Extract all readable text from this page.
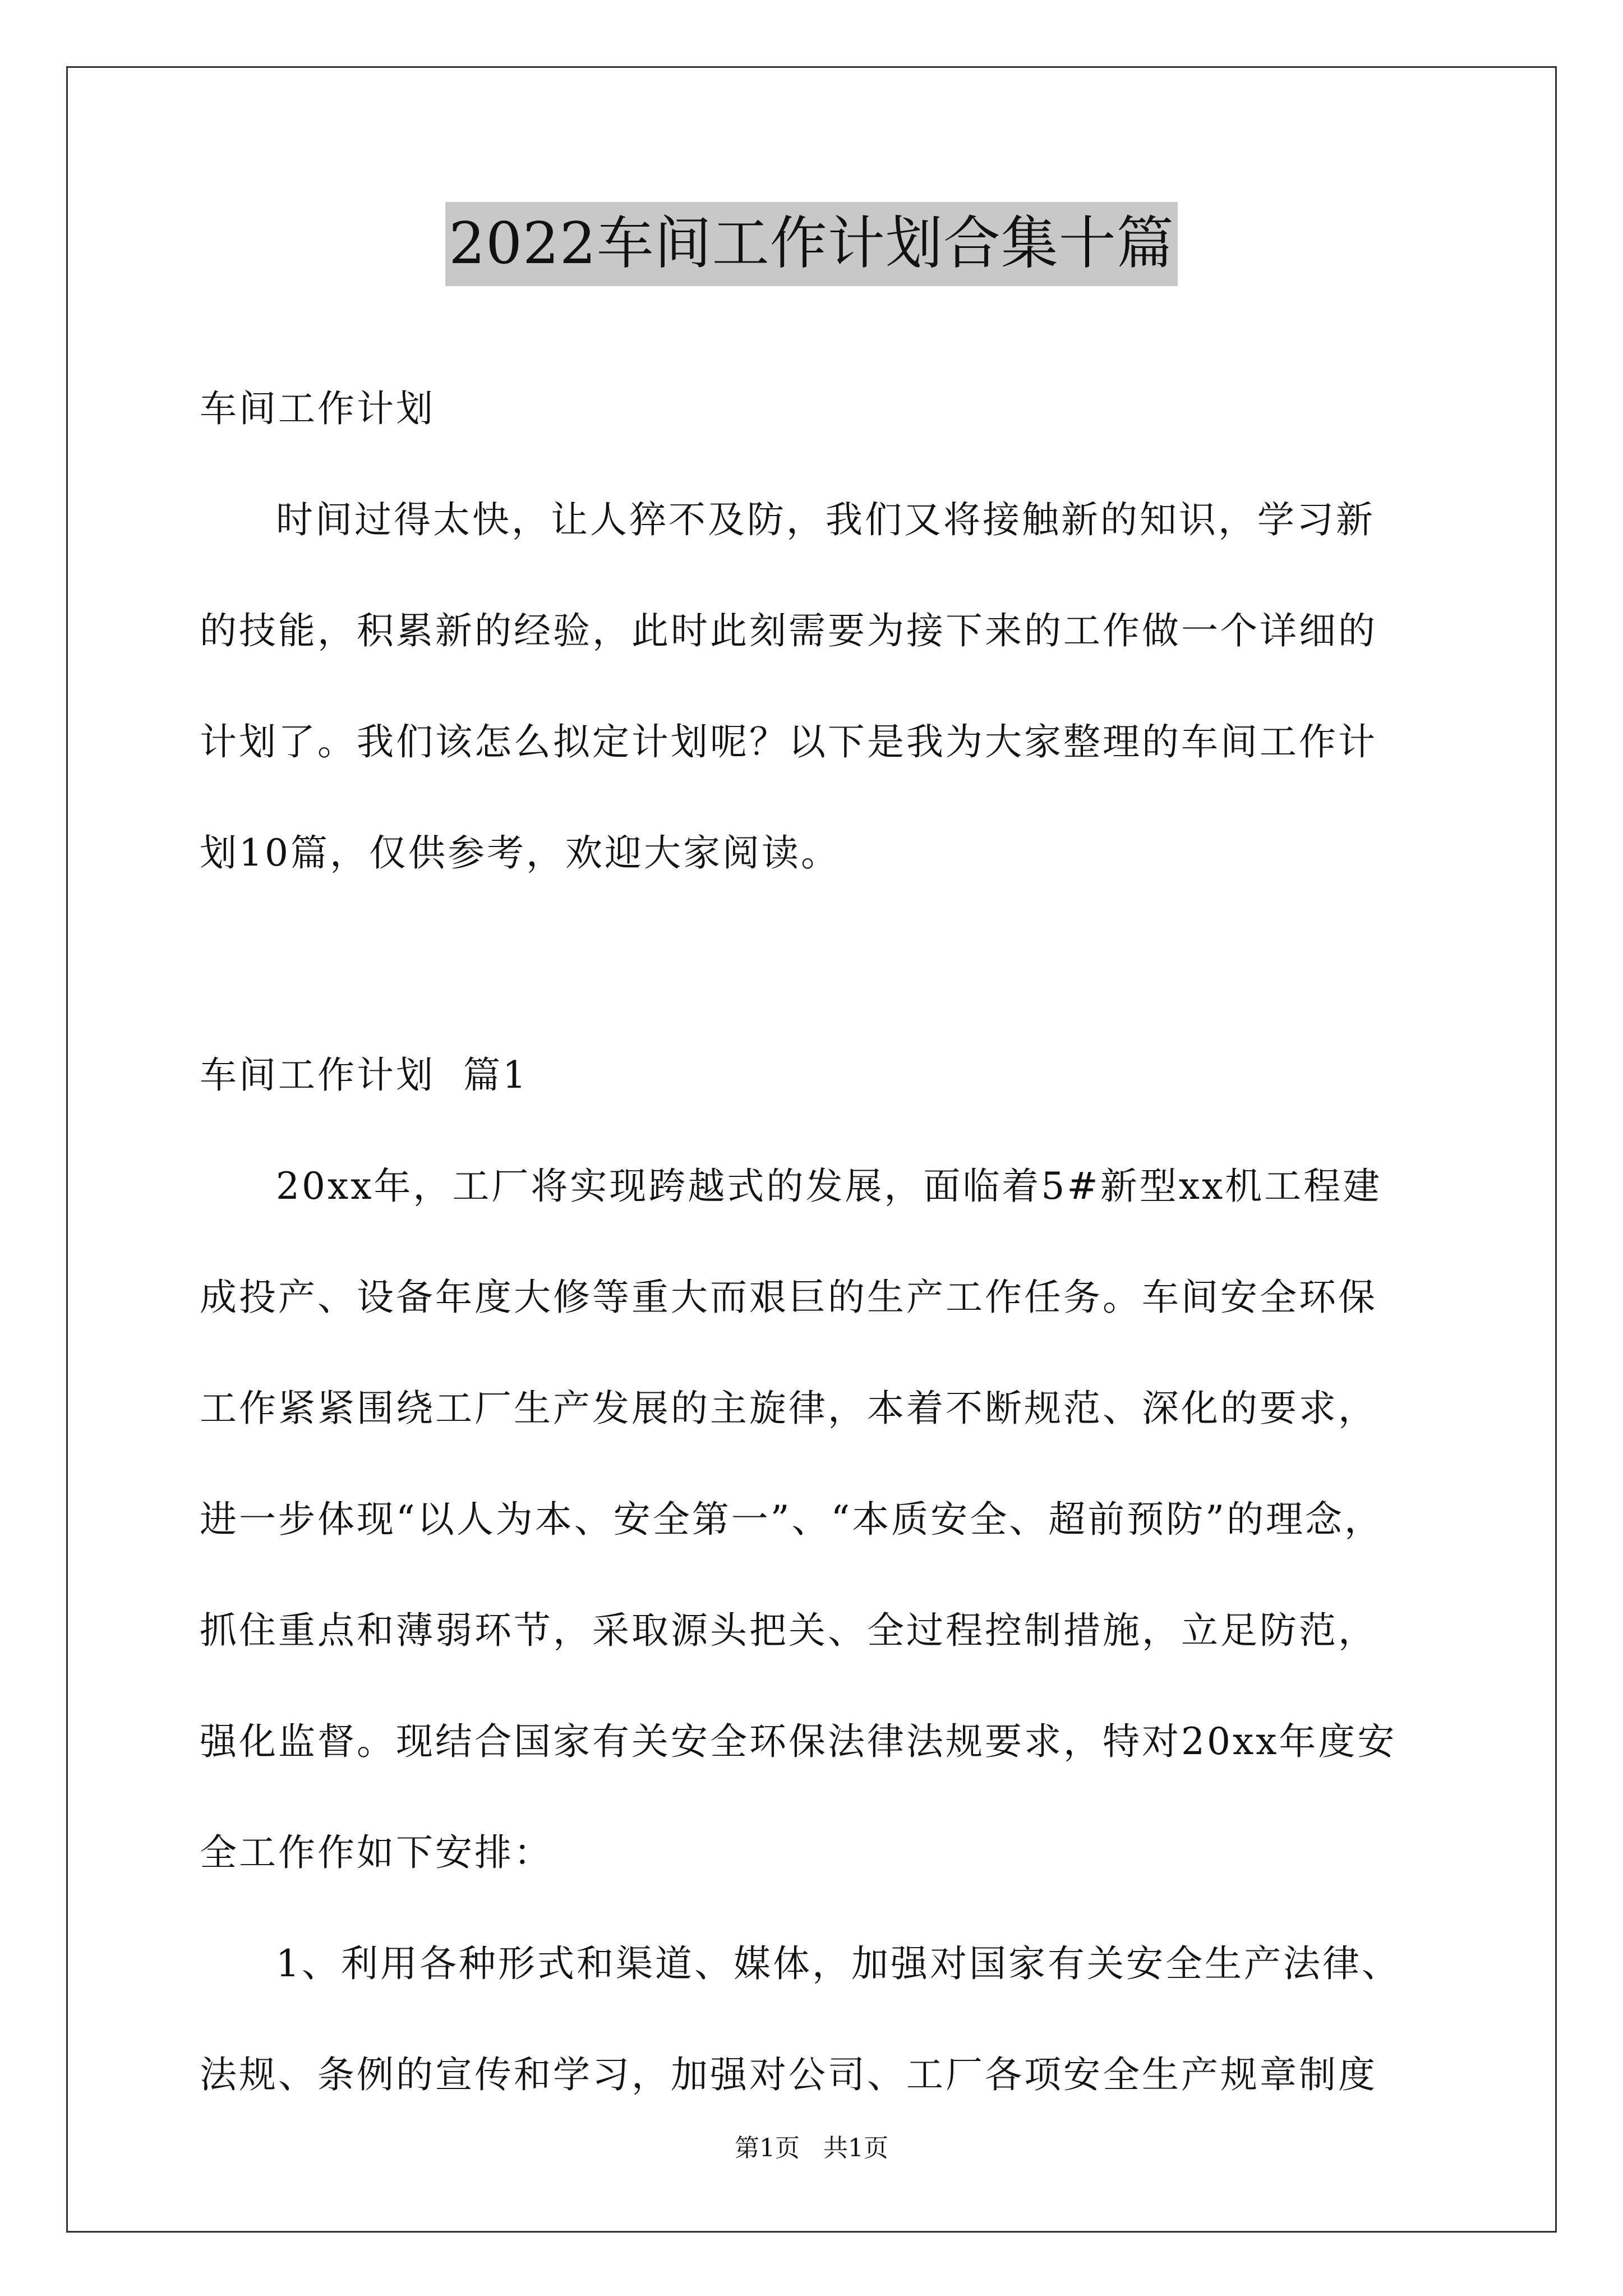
2022车间工作计划合集十篇

车间工作计划

时间过得太快，让人猝不及防，我们又将接触新的知识，学习新

的技能，积累新的经验，此时此刻需要为接下来的工作做一个详细的

计划了。我们该怎么拟定计划呢？以下是我为大家整理的车间工作计

划10篇，仅供参考，欢迎大家阅读。

车间工作计划  篇1

20xx年，工厂将实现跨越式的发展，面临着5#新型xx机工程建

成投产、设备年度大修等重大而艰巨的生产工作任务。车间安全环保

工作紧紧围绕工厂生产发展的主旋律，本着不断规范、深化的要求，

进一步体现“以人为本、安全第一”、“本质安全、超前预防”的理念，

抓住重点和薄弱环节，采取源头把关、全过程控制措施，立足防范，

强化监督。现结合国家有关安全环保法律法规要求，特对20xx年度安

全工作作如下安排：

1、利用各种形式和渠道、媒体，加强对国家有关安全生产法律、

法规、条例的宣传和学习，加强对公司、工厂各项安全生产规章制度

第1页 共1页
